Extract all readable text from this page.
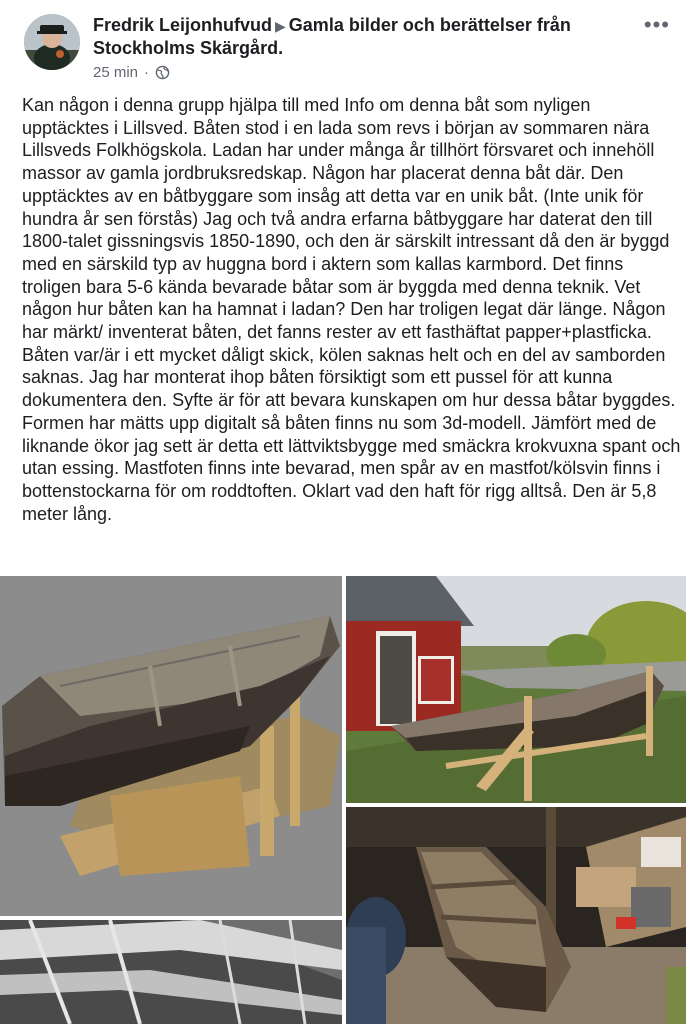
Fredrik Leijonhufvud ▶ Gamla bilder och berättelser från Stockholms Skärgård.
25 min ·
•••
Kan någon i denna grupp hjälpa till med Info om denna båt som nyligen upptäcktes i Lillsved. Båten stod i en lada som revs i början av sommaren nära Lillsveds Folkhögskola. Ladan har under många år tillhört försvaret och innehöll massor av gamla jordbruksredskap. Någon har placerat denna båt där. Den upptäcktes av en båtbyggare som insåg att detta var en unik båt. (Inte unik för hundra år sen förstås) Jag och två andra erfarna båtbyggare har daterat den till 1800-talet gissningsvis 1850-1890, och den är särskilt intressant då den är byggd med en särskild typ av huggna bord i aktern som kallas karmbord. Det finns troligen bara 5-6 kända bevarade båtar som är byggda med denna teknik. Vet någon hur båten kan ha hamnat i ladan? Den har troligen legat där länge. Någon har märkt/ inventerat båten, det fanns rester av ett fasthäftat papper+plastficka. Båten var/är i ett mycket dåligt skick, kölen saknas helt och en del av samborden saknas. Jag har monterat ihop båten försiktigt som ett pussel för att kunna dokumentera den. Syfte är för att bevara kunskapen om hur dessa båtar byggdes. Formen har mätts upp digitalt så båten finns nu som 3d-modell. Jämfört med de liknande ökor jag sett är detta ett lättviktsbygge med smäckra krokvuxna spant och utan essing. Mastfoten finns inte bevarad, men spår av en mastfot/kölsvin finns i bottenstockarna för om roddtoften. Oklart vad den haft för rigg alltså. Den är 5,8 meter lång.
